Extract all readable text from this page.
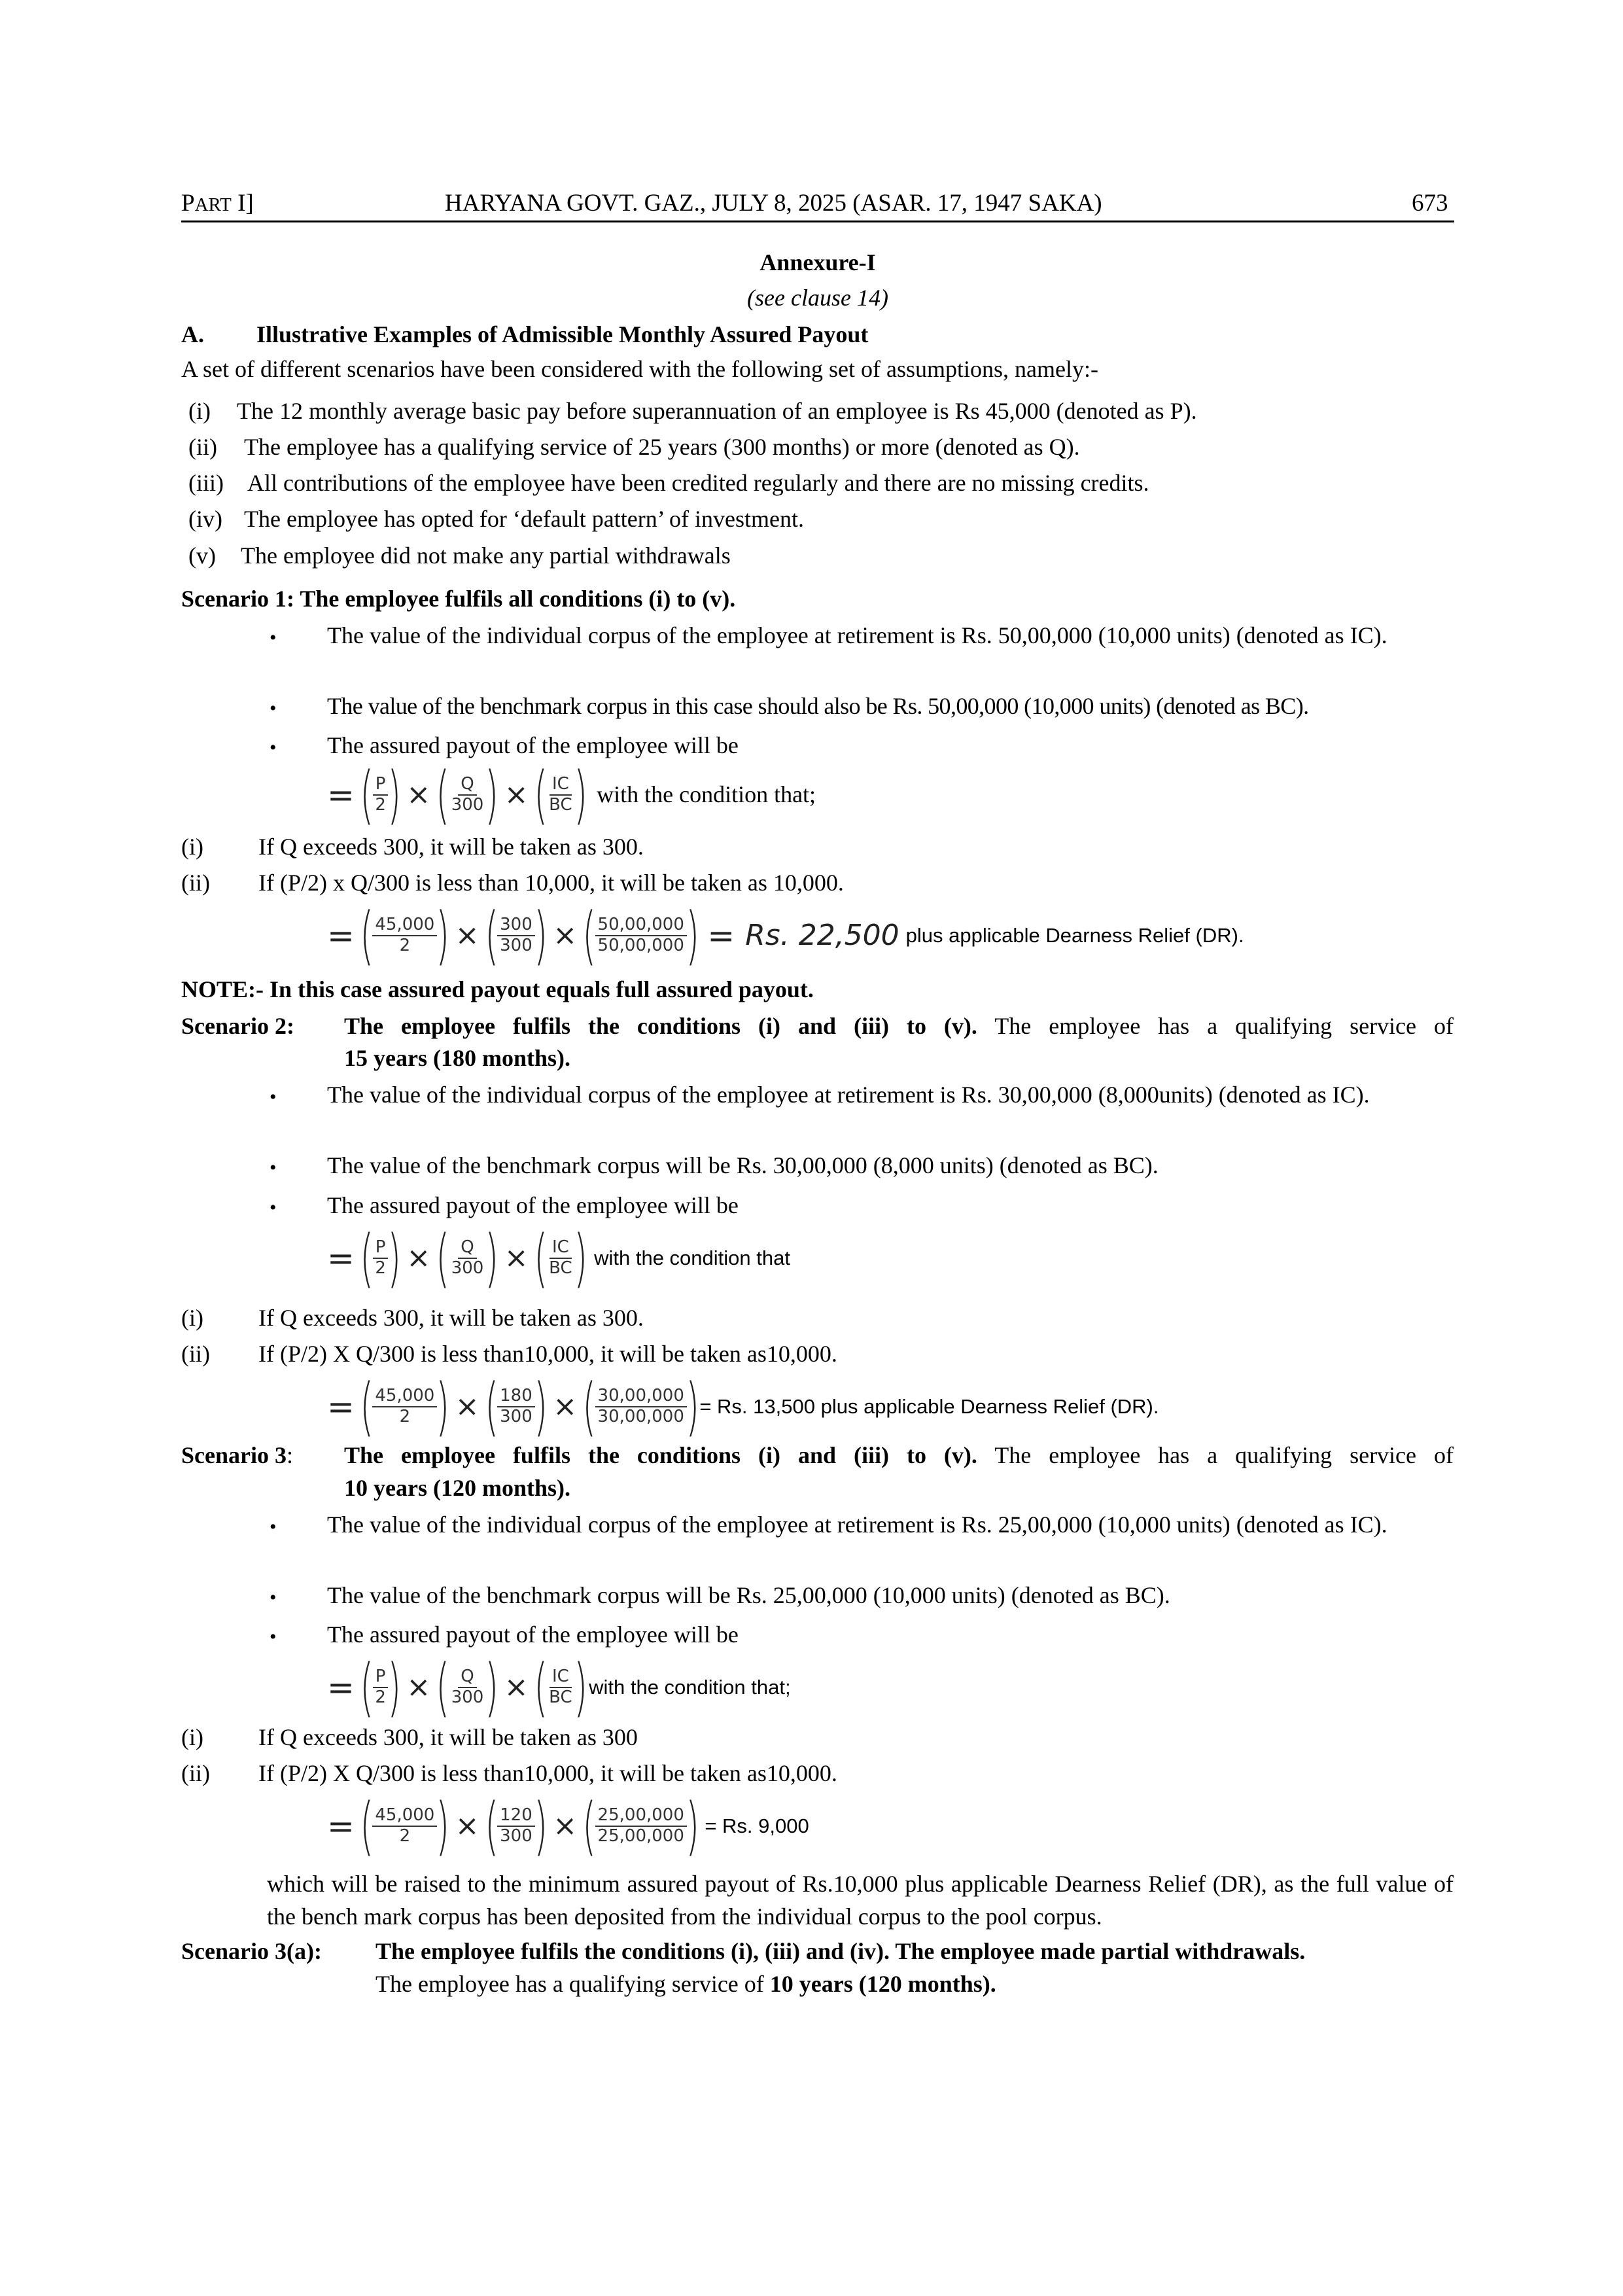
PART I]	HARYANA GOVT. GAZ., JULY 8, 2025 (ASAR. 17, 1947 SAKA)	673
Annexure-I
(see clause 14)
A. Illustrative Examples of Admissible Monthly Assured Payout
A set of different scenarios have been considered with the following set of assumptions, namely:-
(i) The 12 monthly average basic pay before superannuation of an employee is Rs 45,000 (denoted as P).
(ii) The employee has a qualifying service of 25 years (300 months) or more (denoted as Q).
(iii) All contributions of the employee have been credited regularly and there are no missing credits.
(iv) The employee has opted for ‘default pattern’ of investment.
(v) The employee did not make any partial withdrawals
Scenario 1: The employee fulfils all conditions (i) to (v).
• The value of the individual corpus of the employee at retirement is Rs. 50,00,000 (10,000 units) (denoted as IC).
• The value of the benchmark corpus in this case should also be Rs. 50,00,000 (10,000 units) (denoted as BC).
• The assured payout of the employee will be
= (
$\frac{P}{2}$
) × (
$\frac{Q}{300}$
) × (
$\frac{IC}{BC}$
) with the condition that;
(i) If Q exceeds 300, it will be taken as 300.
(ii) If (P/2) x Q/300 is less than 10,000, it will be taken as 10,000.
= (
$\frac{45,000}{2}$
) × (
$\frac{300}{300}$
) × (
$\frac{50,00,000}{50,00,000}$
) = Rs. 22,500 plus applicable Dearness Relief (DR).
NOTE:- In this case assured payout equals full assured payout.
Scenario 2: The employee fulfils the conditions (i) and (iii) to (v). The employee has a qualifying service of
15 years (180 months).
• The value of the individual corpus of the employee at retirement is Rs. 30,00,000 (8,000units) (denoted as IC).
• The value of the benchmark corpus will be Rs. 30,00,000 (8,000 units) (denoted as BC).
• The assured payout of the employee will be
= (
$\frac{P}{2}$
) × (
$\frac{Q}{300}$
) × (
$\frac{IC}{BC}$
) with the condition that
(i) If Q exceeds 300, it will be taken as 300.
(ii) If (P/2) X Q/300 is less than10,000, it will be taken as10,000.
= (
$\frac{45,000}{2}$
) × (
$\frac{180}{300}$
) × (
$\frac{30,00,000}{30,00,000}$
) = Rs. 13,500 plus applicable Dearness Relief (DR).
Scenario 3: The employee fulfils the conditions (i) and (iii) to (v). The employee has a qualifying service of
10 years (120 months).
• The value of the individual corpus of the employee at retirement is Rs. 25,00,000 (10,000 units) (denoted as IC).
• The value of the benchmark corpus will be Rs. 25,00,000 (10,000 units) (denoted as BC).
• The assured payout of the employee will be
= (
$\frac{P}{2}$
) × (
$\frac{Q}{300}$
) × (
$\frac{IC}{BC}$
) with the condition that;
(i) If Q exceeds 300, it will be taken as 300
(ii) If (P/2) X Q/300 is less than10,000, it will be taken as10,000.
= (
$\frac{45,000}{2}$
) × (
$\frac{120}{300}$
) × (
$\frac{25,00,000}{25,00,000}$
) = Rs. 9,000
which will be raised to the minimum assured payout of Rs.10,000 plus applicable Dearness Relief (DR), as the full value of the bench mark corpus has been deposited from the individual corpus to the pool corpus.
Scenario 3(a): The employee fulfils the conditions (i), (iii) and (iv). The employee made partial withdrawals.
The employee has a qualifying service of 10 years (120 months).
